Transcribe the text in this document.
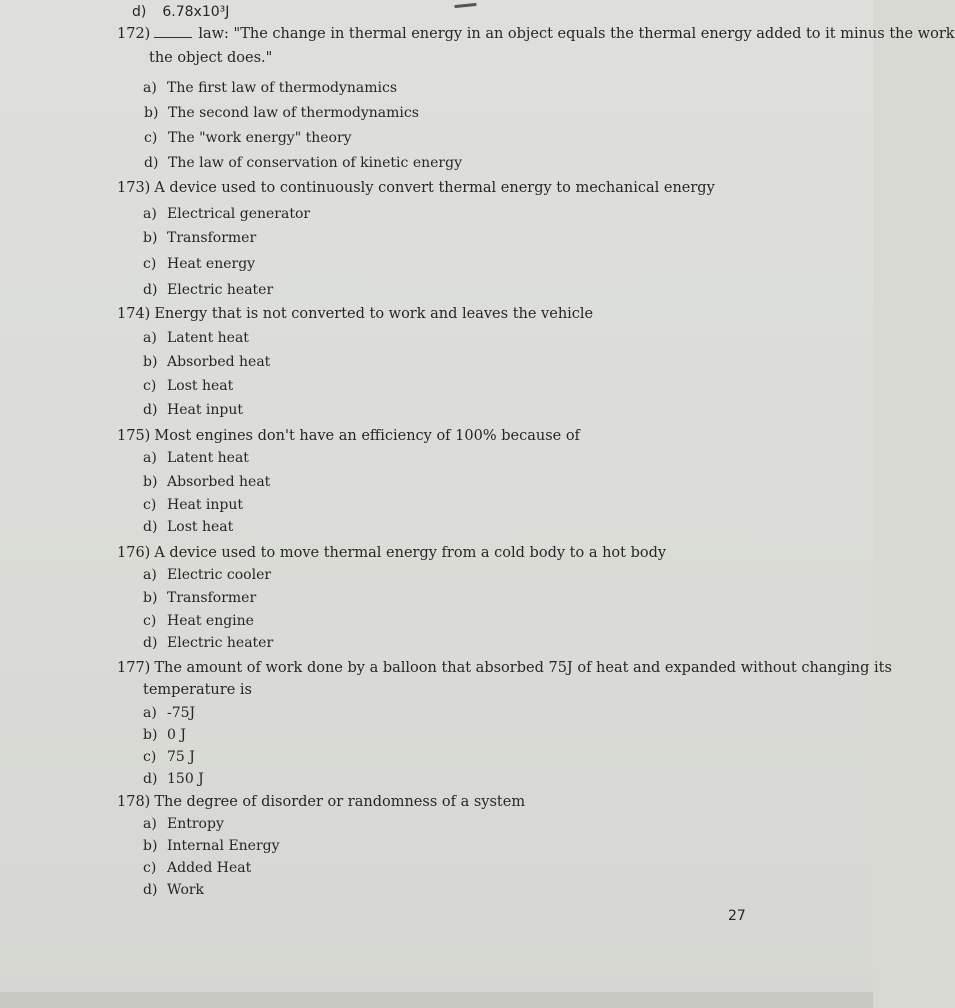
d) 6.78x10³J
172)	law: "The change in thermal energy in an object equals the thermal energy added to it minus the work
the object does."
a) The first law of thermodynamics
b) The second law of thermodynamics
c) The "work energy" theory
d) The law of conservation of kinetic energy
173) A device used to continuously convert thermal energy to mechanical energy
a) Electrical generator
b) Transformer
c) Heat energy
d) Electric heater
174) Energy that is not converted to work and leaves the vehicle
a) Latent heat
b) Absorbed heat
c) Lost heat
d) Heat input
175) Most engines don't have an efficiency of 100% because of
a) Latent heat
b) Absorbed heat
c) Heat input
d) Lost heat
176) A device used to move thermal energy from a cold body to a hot body
a) Electric cooler
b) Transformer
c) Heat engine
d) Electric heater
177) The amount of work done by a balloon that absorbed 75J of heat and expanded without changing its
temperature is
a) -75J
b) 0 J
c) 75 J
d) 150 J
178) The degree of disorder or randomness of a system
a) Entropy
b) Internal Energy
c) Added Heat
d) Work
27
